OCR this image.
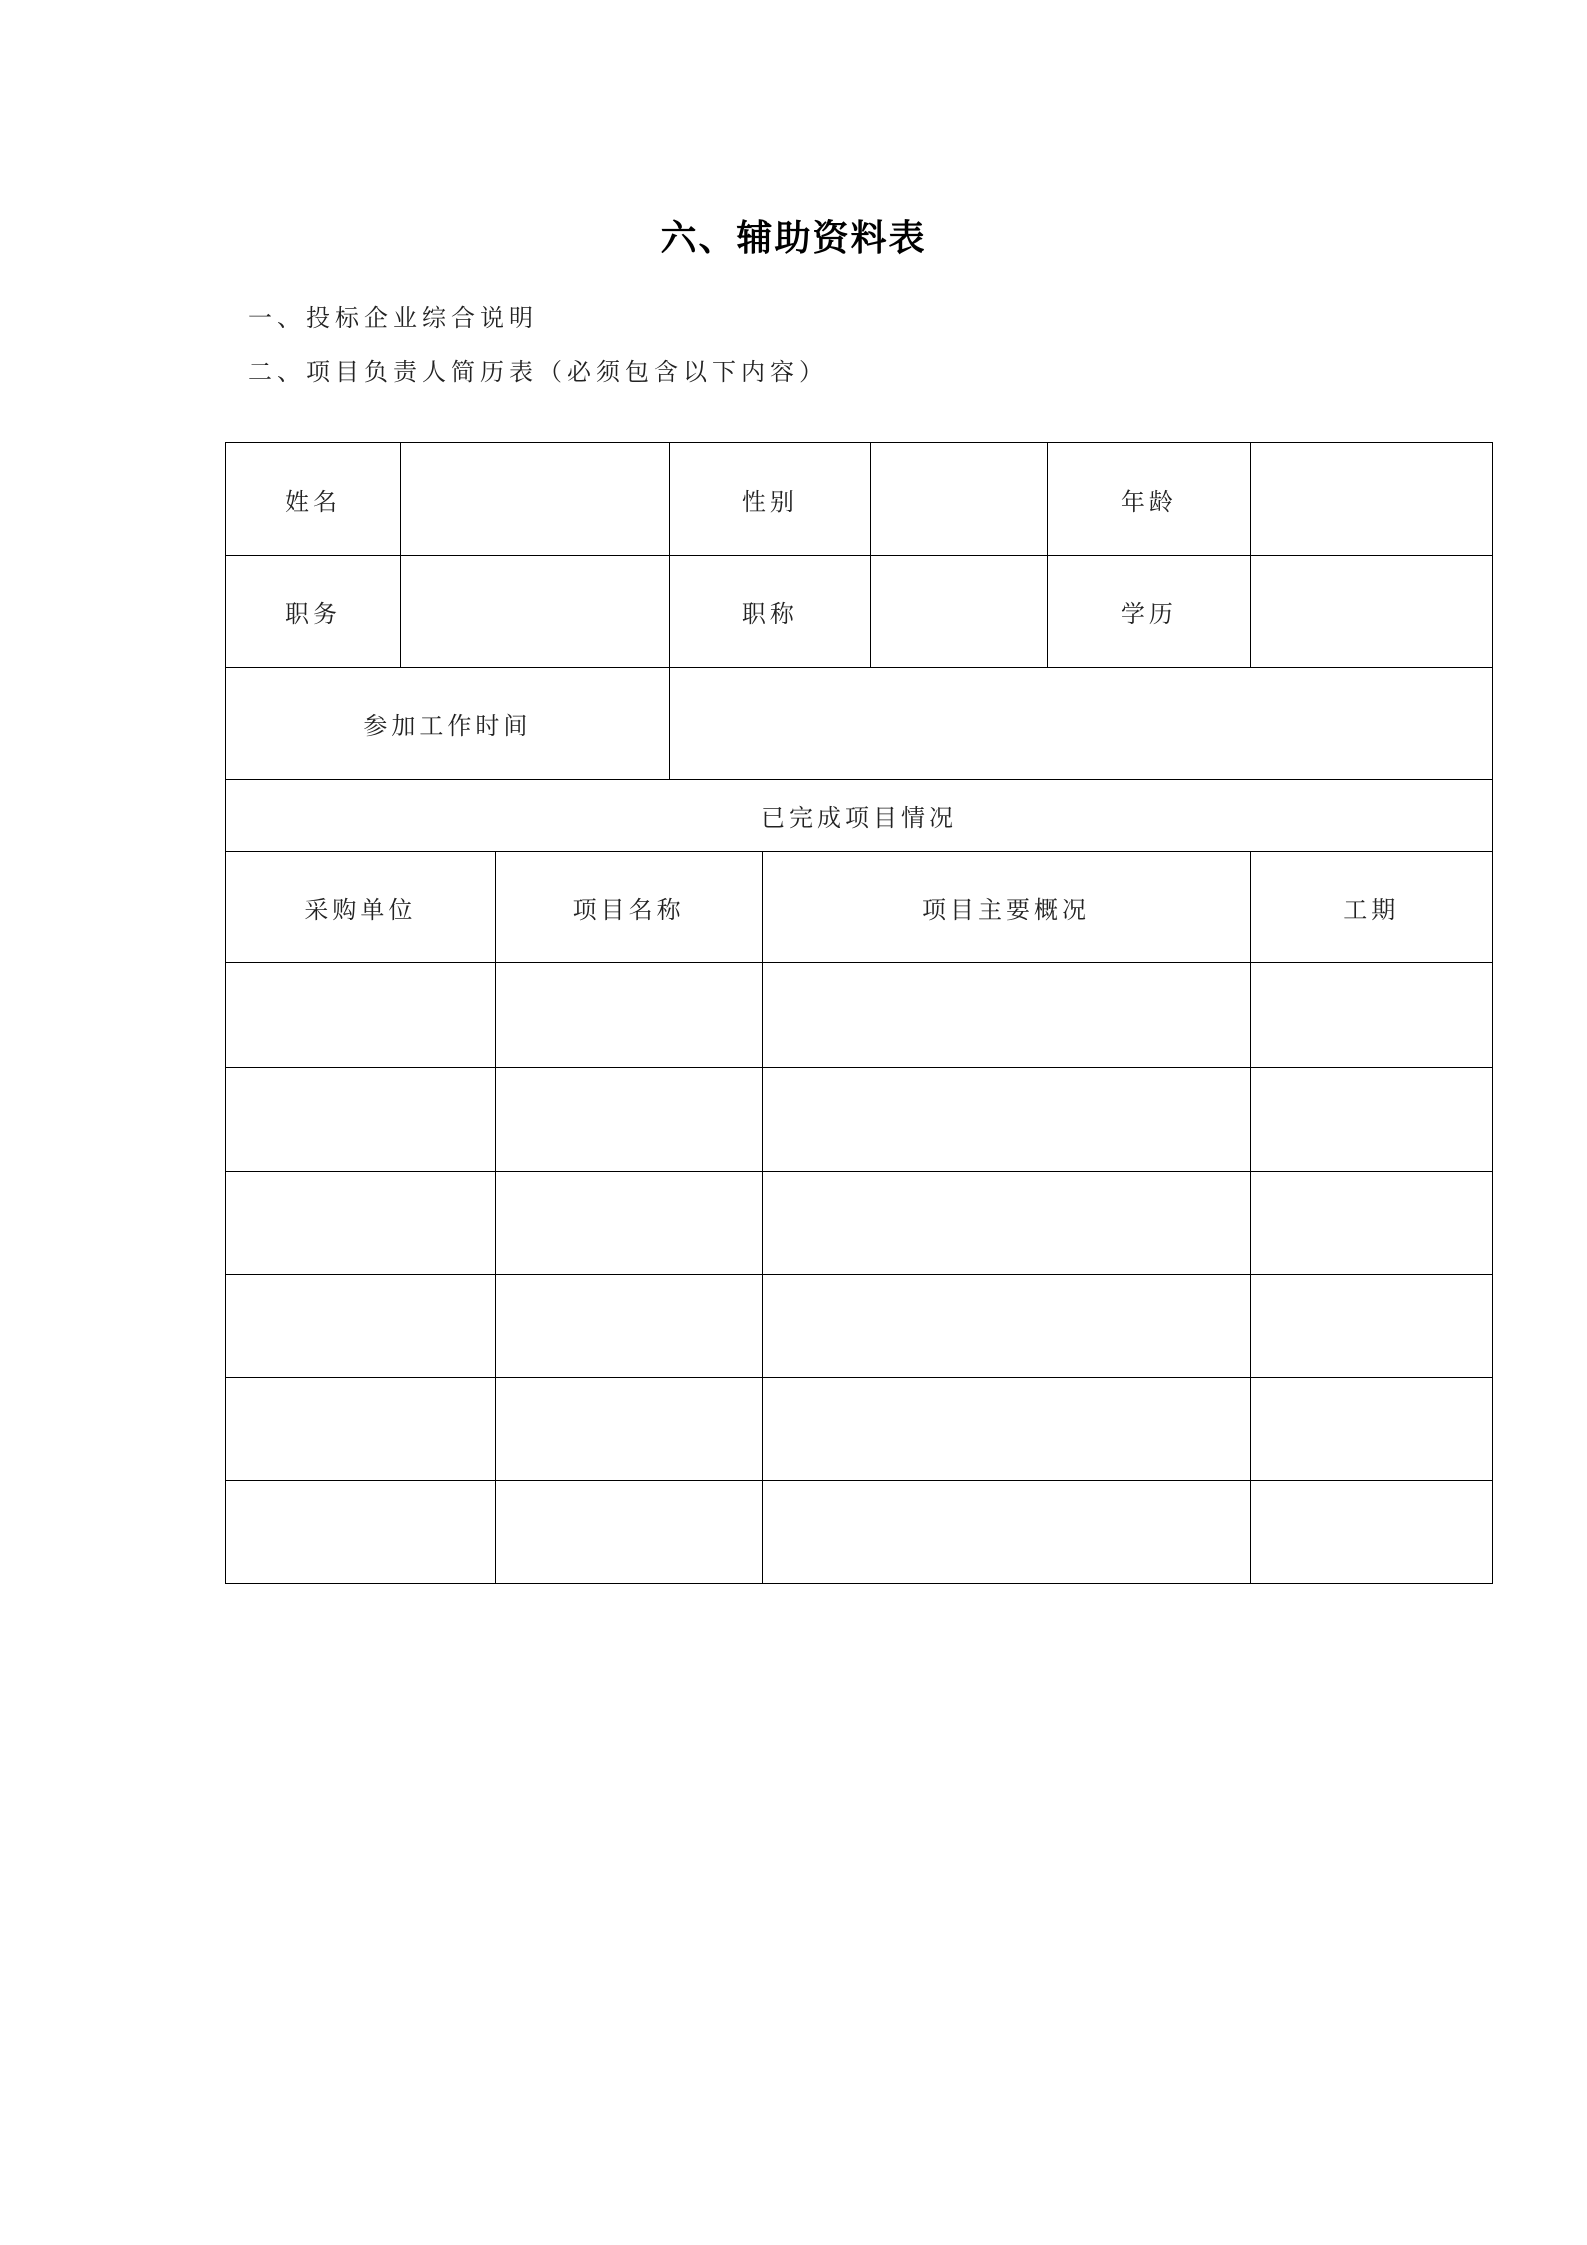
六、辅助资料表
一、投标企业综合说明
二、项目负责人简历表（必须包含以下内容）
姓名			性别			年龄	
职务			职称			学历	
参加工作时间							
已完成项目情况							
采购单位		项目名称		项目主要概况			工期
